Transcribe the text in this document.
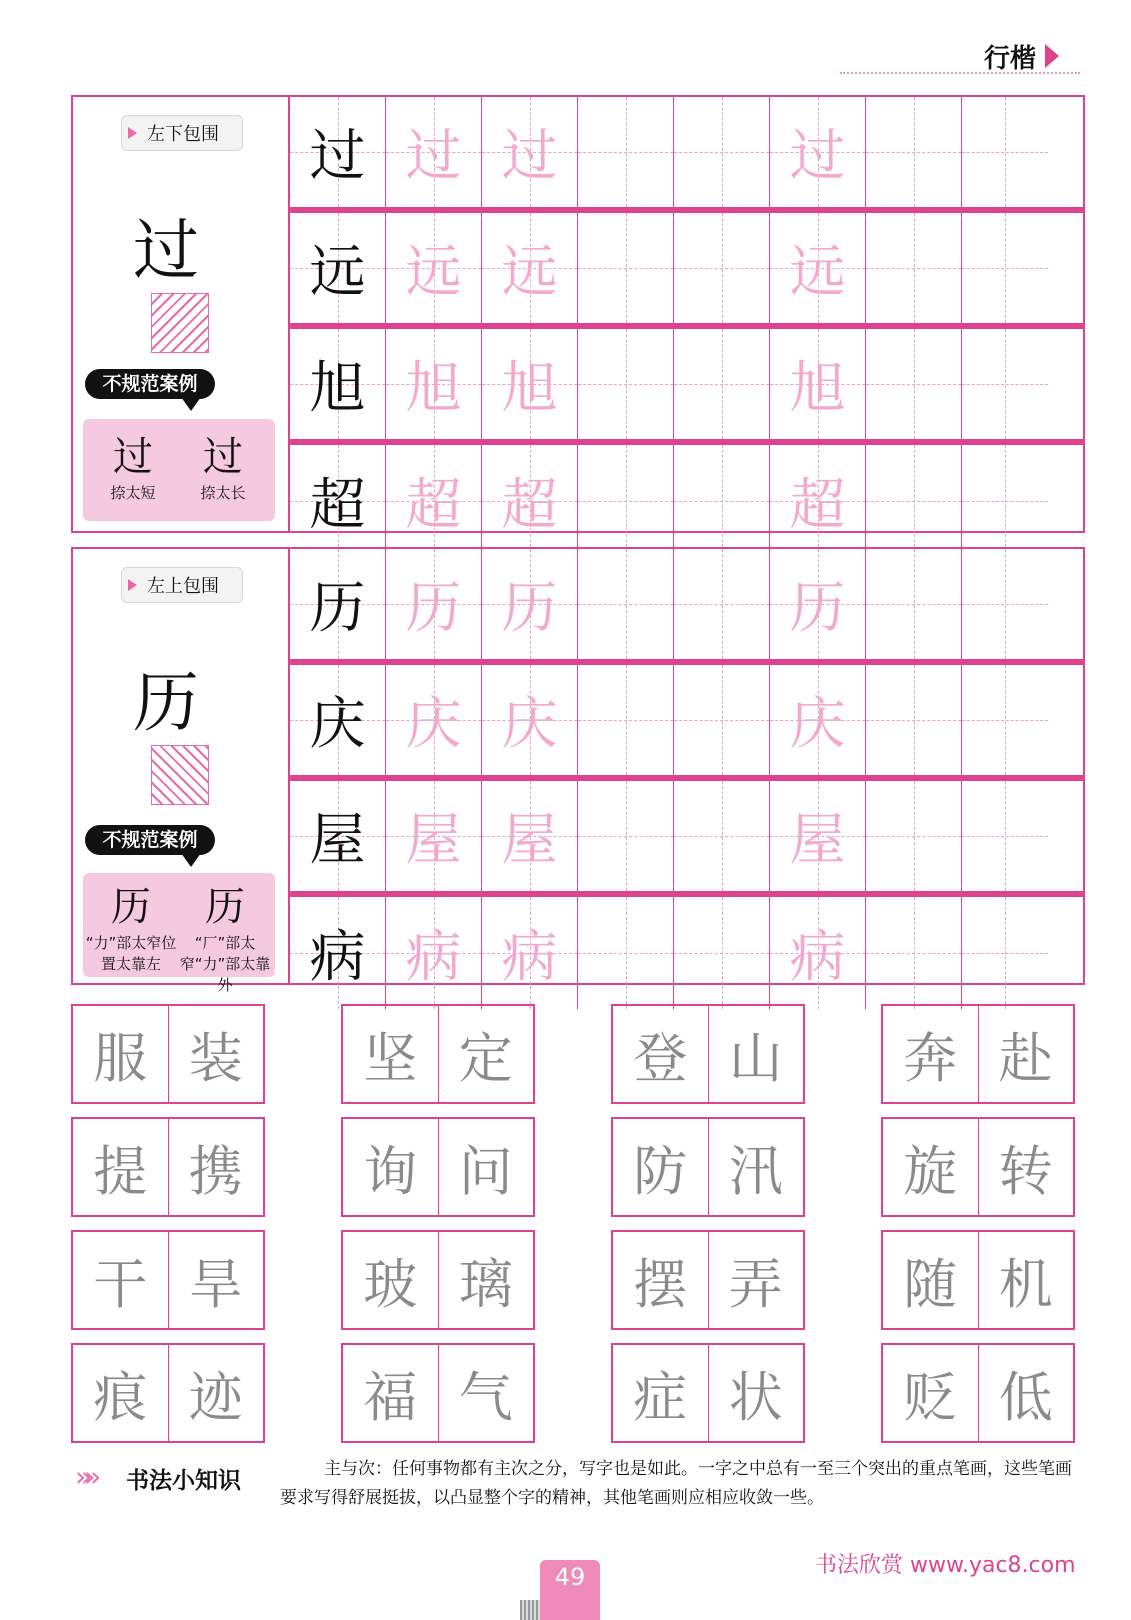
行楷
左下包围
过
不规范案例
过
捺太短
过
捺太长
过 过 过	过
远 远 远	远
旭 旭 旭	旭
超 超 超	超
左上包围
历
不规范案例
历
“力”部太窄位置太靠左
历
“厂”部太窄“力”部太靠外
历 历 历	历
庆 庆 庆	庆
屋 屋 屋	屋
病 病 病	病
服 装	坚 定	登 山	奔 赴
提 携	询 问	防 汛	旋 转
干 旱	玻 璃	摆 弄	随 机
痕 迹	福 气	症 状	贬 低
»» 书法小知识	主与次：任何事物都有主次之分，写字也是如此。一字之中总有一至三个突出的重点笔画，这些笔画要求写得舒展挺拔，以凸显整个字的精神，其他笔画则应相应收敛一些。
49	书法欣赏 www.yac8.com
